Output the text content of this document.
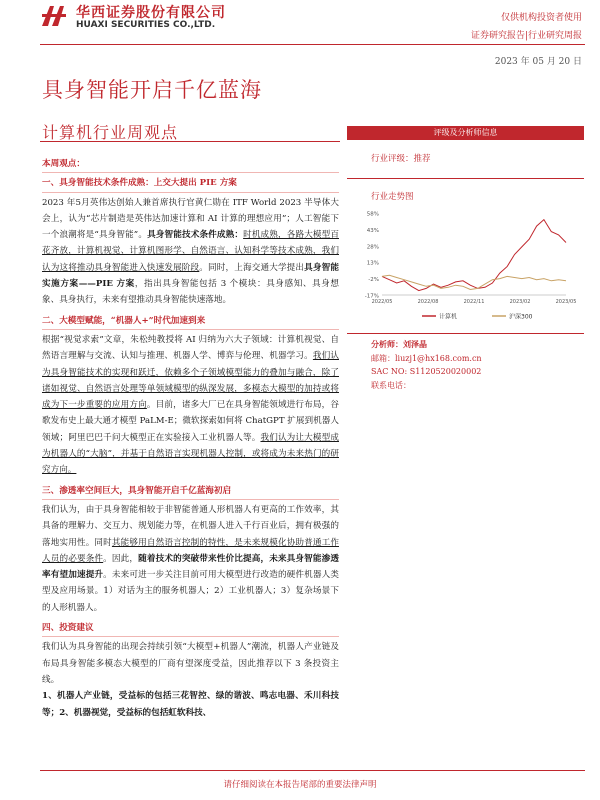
华西证券股份有限公司
HUAXI SECURITIES CO.,LTD.
仅供机构投资者使用
证券研究报告|行业研究周报
2023 年 05 月 20 日
具身智能开启千亿蓝海
计算机行业周观点

本周观点：

一、具身智能技术条件成熟：上交大提出 PIE 方案

2023 年5月英伟达创始人兼首席执行官黄仁勋在 ITF World 2023 半导体大会上，认为“芯片制造是英伟达加速计算和 AI 计算的理想应用”；人工智能下一个浪潮将是“具身智能”。具身智能技术条件成熟：时机成熟，各路大模型百花齐放，计算机视觉、计算机图形学、自然语言、认知科学等技术成熟，我们认为这将推动具身智能进入快速发展阶段。同时，上海交通大学提出具身智能实施方案——PIE 方案，指出具身智能包括 3 个模块：具身感知、具身想象、具身执行，未来有望推动具身智能快速落地。

二、大模型赋能，“机器人+”时代加速到来

根据“视觉求索”文章，朱松纯教授将 AI 归纳为六大子领域：计算机视觉、自然语言理解与交流、认知与推理、机器人学、博弈与伦理、机器学习。我们认为具身智能技术的实现和跃迁，依赖多个子领域模型能力的叠加与融合，除了诸如视觉、自然语言处理等单领域模型的纵深发展，多模态大模型的加持或将成为下一步重要的应用方向。目前，诸多大厂已在具身智能领域进行布局，谷歌发布史上最大通才模型 PaLM-E；微软探索如何将 ChatGPT 扩展到机器人领域；阿里巴巴千问大模型正在实验接入工业机器人等。我们认为让大模型成为机器人的“大脑”，并基于自然语言实现机器人控制，或将成为未来热门的研究方向。

三、渗透率空间巨大，具身智能开启千亿蓝海初启

我们认为，由于具身智能相较于非智能普通人形机器人有更高的工作效率，其具备的理解力、交互力、规划能力等，在机器人进入千行百业后，拥有极强的落地实用性。同时其能够用自然语言控制的特性，是未来规模化协助普通工作人员的必要条件。因此，随着技术的突破带来性价比提高，未来具身智能渗透率有望加速提升。未来可进一步关注目前可用大模型进行改造的硬件机器人类型及应用场景。1）对话为主的服务机器人；2）工业机器人；3）复杂场景下的人形机器人。

四、投资建议

我们认为具身智能的出现会持续引领“大模型+机器人”潮流，机器人产业链及布局具身智能多模态大模型的厂商有望深度受益，因此推荐以下 3 条投资主线。

1、机器人产业链，受益标的包括三花智控、绿的谐波、鸣志电器、禾川科技等；2、机器视觉，受益标的包括虹软科技、

评级及分析师信息
行业评级：推荐
行业走势图
58%
43%
28%
13%
-2%
-17%
2022/05	2022/08	2022/11	2023/02	2023/05
计算机	沪深300
分析师：刘泽晶
邮箱：liuzj1@hx168.com.cn
SAC NO: S1120520020002
联系电话：
请仔细阅读在本报告尾部的重要法律声明
